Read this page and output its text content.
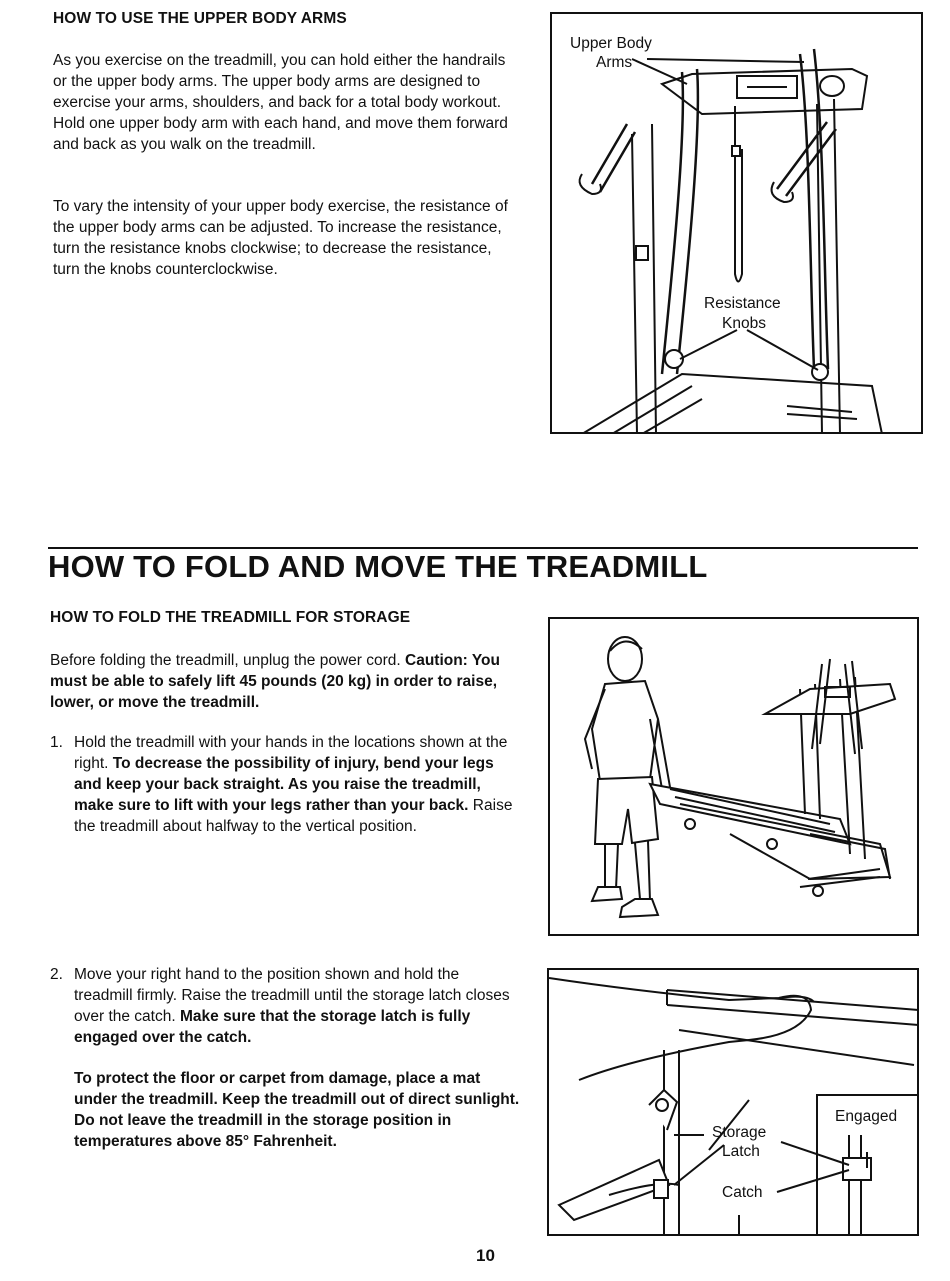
HOW TO USE THE UPPER BODY ARMS
As you exercise on the treadmill, you can hold either the handrails or the upper body arms. The upper body arms are designed to exercise your arms, shoulders, and back for a total body workout. Hold one upper body arm with each hand, and move them forward and back as you walk on the treadmill.
To vary the intensity of your upper body exercise, the resistance of the upper body arms can be adjusted. To increase the resistance, turn the resistance knobs clockwise; to decrease the resistance, turn the knobs counterclockwise.
Upper Body
Arms
Resistance
Knobs
HOW TO FOLD AND MOVE THE TREADMILL
HOW TO FOLD THE TREADMILL FOR STORAGE
Before folding the treadmill, unplug the power cord. Caution: You must be able to safely lift 45 pounds (20 kg) in order to raise, lower, or move the treadmill.
1. Hold the treadmill with your hands in the locations shown at the right. To decrease the possibility of injury, bend your legs and keep your back straight. As you raise the treadmill, make sure to lift with your legs rather than your back. Raise the treadmill about halfway to the vertical position.
2. Move your right hand to the position shown and hold the treadmill firmly. Raise the treadmill until the storage latch closes over the catch. Make sure that the storage latch is fully engaged over the catch.
To protect the floor or carpet from damage, place a mat under the treadmill. Keep the treadmill out of direct sunlight. Do not leave the treadmill in the storage position in temperatures above 85° Fahrenheit.
Engaged
Storage
Latch
Catch
10
